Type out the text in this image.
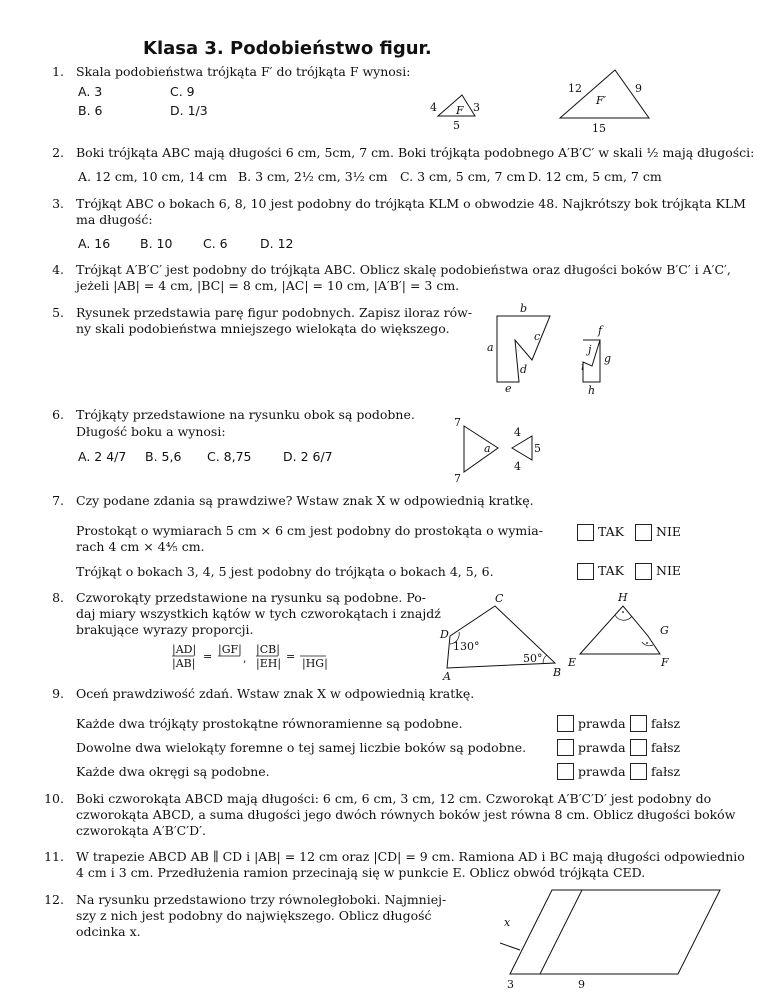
Klasa 3. Podobieństwo figur.
1. Skala podobieństwa trójkąta F′ do trójkąta F wynosi:
A. 3	C. 9
B. 6	D. 1/3	4	3
5
F
12	9
15
F′
2. Boki trójkąta ABC mają długości 6 cm, 5cm, 7 cm. Boki trójkąta podobnego A′B′C′ w skali ½ mają długości:
A. 12 cm, 10 cm, 14 cm B. 3 cm, 2½ cm, 3½ cm C. 3 cm, 5 cm, 7 cm D. 12 cm, 5 cm, 7 cm
3. Trójkąt ABC o bokach 6, 8, 10 jest podobny do trójkąta KLM o obwodzie 48. Najkrótszy bok trójkąta KLM
ma długość:
A. 16 B. 10 C. 6	D. 12
4. Trójkąt A′B′C′ jest podobny do trójkąta ABC. Oblicz skalę podobieństwa oraz długości boków B′C′ i A′C′,
jeżeli |AB| = 4 cm, |BC| = 8 cm, |AC| = 10 cm, |A′B′| = 3 cm.
5. Rysunek przedstawia parę figur podobnych. Zapisz iloraz rów-
ny skali podobieństwa mniejszego wielokąta do większego.
b
a
c
d
e
f
g
h
i
j
6. Trójkąty przedstawione na rysunku obok są podobne.
Długość boku a wynosi:
A. 2 4/7 B. 5,6 C. 8,75	D. 2 6/7
7
7
a
4
5
4
7. Czy podane zdania są prawdziwe? Wstaw znak X w odpowiednią kratkę.
Prostokąt o wymiarach 5 cm × 6 cm jest podobny do prostokąta o wymia-
rach 4 cm × 4⅘ cm.
TAK	NIE
Trójkąt o bokach 3, 4, 5 jest podobny do trójkąta o bokach 4, 5, 6.	TAK	NIE
8. Czworokąty przedstawione na rysunku są podobne. Po-
daj miary wszystkich kątów w tych czworokątach i znajdź
brakujące wyrazy proporcji.
|AD|
|AB|
=
|GF|
,
|CB|
|EH|
=
|HG|
C
D
A	B
130°
50°
H
G
E	F
9. Oceń prawdziwość zdań. Wstaw znak X w odpowiednią kratkę.
Każde dwa trójkąty prostokątne równoramienne są podobne.	prawda fałsz
Dowolne dwa wielokąty foremne o tej samej liczbie boków są podobne.	prawda fałsz
Każde dwa okręgi są podobne.	prawda fałsz
10. Boki czworokąta ABCD mają długości: 6 cm, 6 cm, 3 cm, 12 cm. Czworokąt A′B′C′D′ jest podobny do
czworokąta ABCD, a suma długości jego dwóch równych boków jest równa 8 cm. Oblicz długości boków
czworokąta A′B′C′D′.
11. W trapezie ABCD AB ∥ CD i |AB| = 12 cm oraz |CD| = 9 cm. Ramiona AD i BC mają długości odpowiednio
4 cm i 3 cm. Przedłużenia ramion przecinają się w punkcie E. Oblicz obwód trójkąta CED.
12. Na rysunku przedstawiono trzy równoległoboki. Najmniej-
szy z nich jest podobny do największego. Oblicz długość
odcinka x.
x
3	9
